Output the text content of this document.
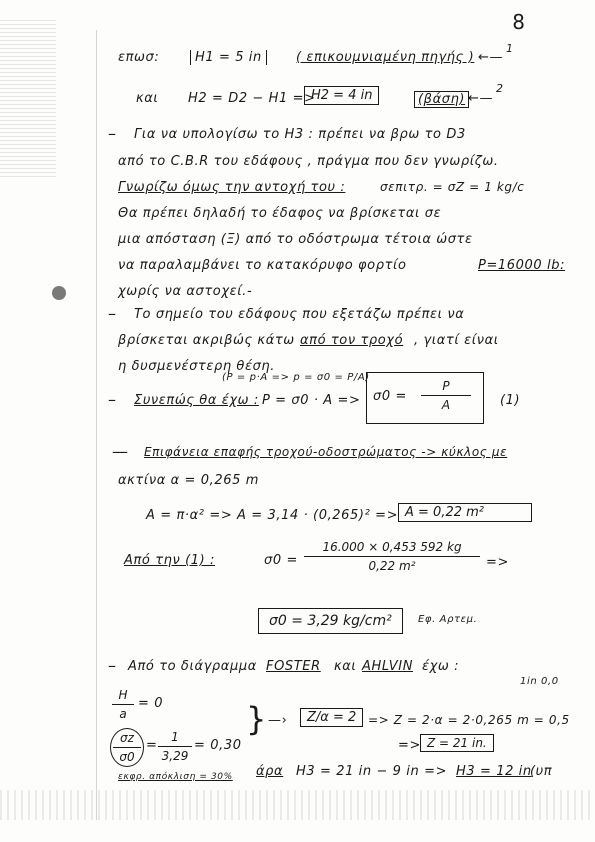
8
επωσ:	H1 = 5 in	( επικουμνιαμένη πηγής ) ←—
1
και H2 = D2 − H1 =>
H2 = 4 in	(βάση) ←—
2
– Για να υπολογίσω το H3 : πρέπει να βρω το D3
από το C.B.R του εδάφους , πράγμα που δεν γνωρίζω.
Γνωρίζω όμως την αντοχή του :	σεπιτρ. = σZ = 1 kg/c
Θα πρέπει δηλαδή το έδαφος να βρίσκεται σε
μια απόσταση (Ξ) από το οδόστρωμα τέτοια ώστε
να παραλαμβάνει το κατακόρυφο φορτίο	P=16000 lb:
χωρίς να αστοχεί.-
– Το σημείο του εδάφους που εξετάζω πρέπει να
βρίσκεται ακριβώς κάτω από τον τροχό , γιατί είναι
η δυσμενέστερη θέση.
(P = p·A => p = σ0 = P/A)
– Συνεπώς θα έχω : P = σ0 · A => σ0 =
P
A	(1)
— Επιφάνεια επαφής τροχού-οδοστρώματος -> κύκλος με
ακτίνα α = 0,265 m
A = π·α² => A = 3,14 · (0,265)² => A = 0,22 m²
Από την (1) :	σ0 =
16.000 × 0,453 592 kg
0,22 m²	=>
σ0 = 3,29 kg/cm²	Εφ. Αρτεμ.
– Από το διάγραμμα FOSTER και AHLVIN έχω :
1in 0,0
H
a
= 0
σz
σ0
=
1
3,29
= 0,30
} —›	Z/α = 2 => Z = 2·α = 2·0,265 m = 0,5
=> Z = 21 in.
εκφρ. απόκλιση = 30% άρα H3 = 21 in − 9 in => H3 = 12 in
(υπ
